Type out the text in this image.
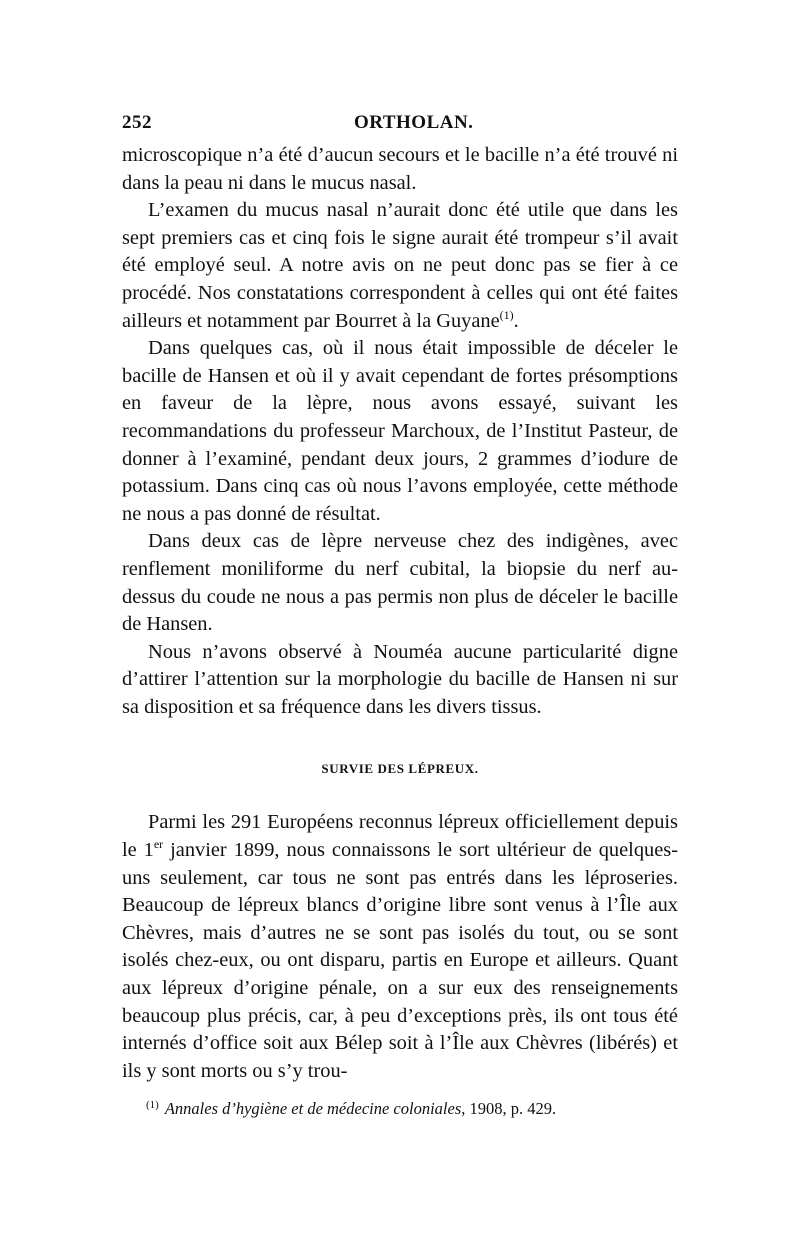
252	ORTHOLAN.

microscopique n’a été d’aucun secours et le bacille n’a été trouvé ni dans la peau ni dans le mucus nasal.

L’examen du mucus nasal n’aurait donc été utile que dans les sept premiers cas et cinq fois le signe aurait été trompeur s’il avait été employé seul. A notre avis on ne peut donc pas se fier à ce procédé. Nos constatations correspondent à celles qui ont été faites ailleurs et notamment par Bourret à la Guyane$^{(1)}$.

Dans quelques cas, où il nous était impossible de déceler le bacille de Hansen et où il y avait cependant de fortes présomptions en faveur de la lèpre, nous avons essayé, suivant les recommandations du professeur Marchoux, de l’Institut Pasteur, de donner à l’examiné, pendant deux jours, 2 grammes d’iodure de potassium. Dans cinq cas où nous l’avons employée, cette méthode ne nous a pas donné de résultat.

Dans deux cas de lèpre nerveuse chez des indigènes, avec renflement moniliforme du nerf cubital, la biopsie du nerf au-dessus du coude ne nous a pas permis non plus de déceler le bacille de Hansen.

Nous n’avons observé à Nouméa aucune particularité digne d’attirer l’attention sur la morphologie du bacille de Hansen ni sur sa disposition et sa fréquence dans les divers tissus.

SURVIE DES LÉPREUX.

Parmi les 291 Européens reconnus lépreux officiellement depuis le 1er janvier 1899, nous connaissons le sort ultérieur de quelques-uns seulement, car tous ne sont pas entrés dans les léproseries. Beaucoup de lépreux blancs d’origine libre sont venus à l’Île aux Chèvres, mais d’autres ne se sont pas isolés du tout, ou se sont isolés chez-eux, ou ont disparu, partis en Europe et ailleurs. Quant aux lépreux d’origine pénale, on a sur eux des renseignements beaucoup plus précis, car, à peu d’exceptions près, ils ont tous été internés d’office soit aux Bélep soit à l’Île aux Chèvres (libérés) et ils y sont morts ou s’y trou-

$^{(1)}$ Annales d’hygiène et de médecine coloniales, 1908, p. 429.
